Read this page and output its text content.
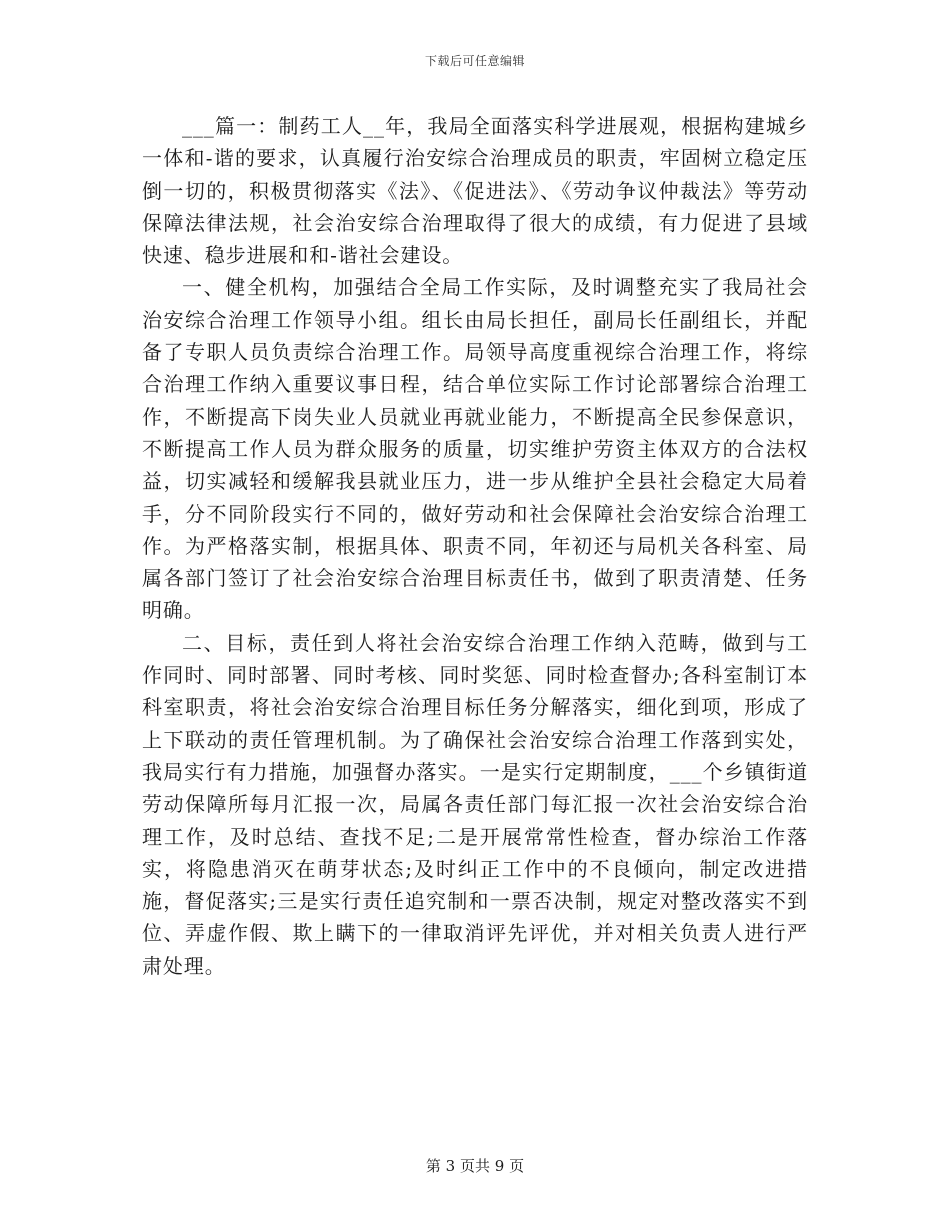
下载后可任意编辑

___篇一：制药工人__年，我局全面落实科学进展观，根据构建城乡一体和-谐的要求，认真履行治安综合治理成员的职责，牢固树立稳定压倒一切的，积极贯彻落实《法》、《促进法》、《劳动争议仲裁法》等劳动保障法律法规，社会治安综合治理取得了很大的成绩，有力促进了县域快速、稳步进展和和-谐社会建设。

一、健全机构，加强结合全局工作实际，及时调整充实了我局社会治安综合治理工作领导小组。组长由局长担任，副局长任副组长，并配备了专职人员负责综合治理工作。局领导高度重视综合治理工作，将综合治理工作纳入重要议事日程，结合单位实际工作讨论部署综合治理工作，不断提高下岗失业人员就业再就业能力，不断提高全民参保意识，不断提高工作人员为群众服务的质量，切实维护劳资主体双方的合法权益，切实减轻和缓解我县就业压力，进一步从维护全县社会稳定大局着手，分不同阶段实行不同的，做好劳动和社会保障社会治安综合治理工作。为严格落实制，根据具体、职责不同，年初还与局机关各科室、局属各部门签订了社会治安综合治理目标责任书，做到了职责清楚、任务明确。

二、目标，责任到人将社会治安综合治理工作纳入范畴，做到与工作同时、同时部署、同时考核、同时奖惩、同时检查督办;各科室制订本科室职责，将社会治安综合治理目标任务分解落实，细化到项，形成了上下联动的责任管理机制。为了确保社会治安综合治理工作落到实处，我局实行有力措施，加强督办落实。一是实行定期制度，___个乡镇街道劳动保障所每月汇报一次，局属各责任部门每汇报一次社会治安综合治理工作，及时总结、查找不足;二是开展常常性检查，督办综治工作落实，将隐患消灭在萌芽状态;及时纠正工作中的不良倾向，制定改进措施，督促落实;三是实行责任追究制和一票否决制，规定对整改落实不到位、弄虚作假、欺上瞒下的一律取消评先评优，并对相关负责人进行严肃处理。

第 3 页共 9 页
